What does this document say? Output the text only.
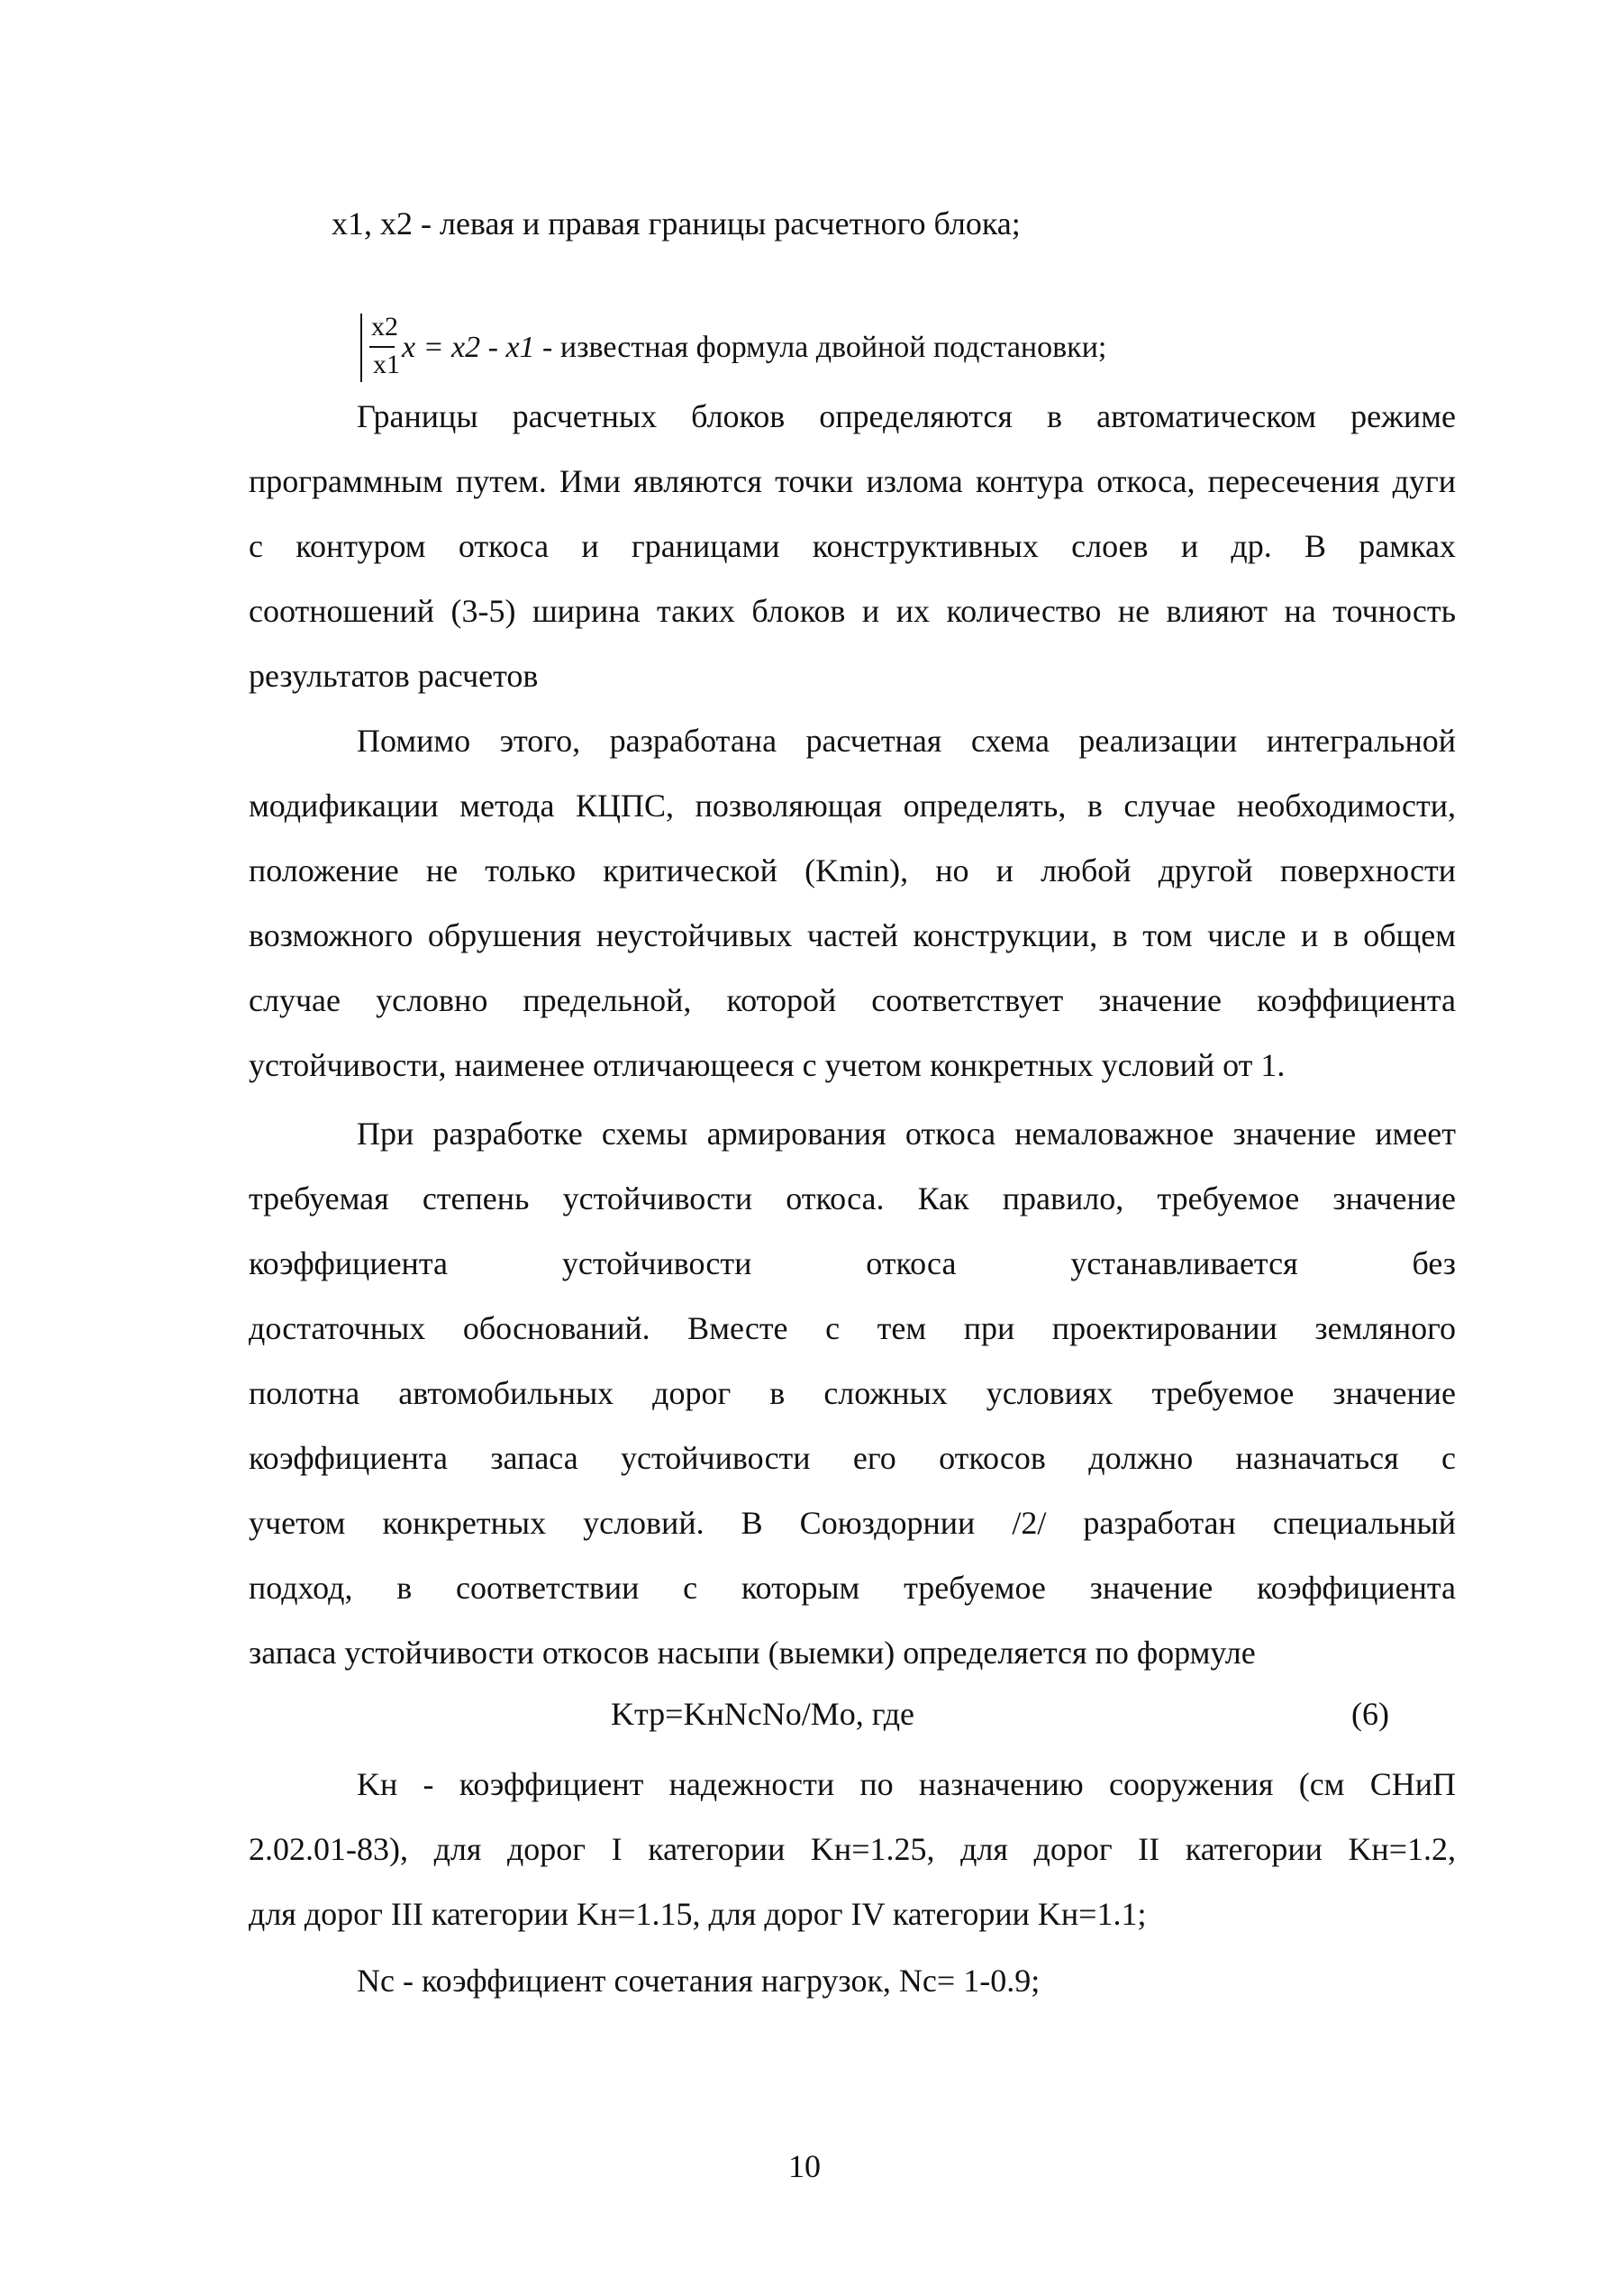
x1, x2 - левая и правая границы расчетного блока;
x2
x1
x = x2 - x1 - известная формула двойной подстановки;
Границы расчетных блоков определяются в автоматическом режиме
программным путем. Ими являются точки излома контура откоса, пересечения дуги
с контуром откоса и границами конструктивных слоев и др. В рамках
соотношений (3-5) ширина таких блоков и их количество не влияют на точность
результатов расчетов
Помимо этого, разработана расчетная схема реализации интегральной
модификации метода КЦПС, позволяющая определять, в случае необходимости,
положение не только критической (Kmin), но и любой другой поверхности
возможного обрушения неустойчивых частей конструкции, в том числе и в общем
случае условно предельной, которой соответствует значение коэффициента
устойчивости, наименее отличающееся с учетом конкретных условий от 1.
При разработке схемы армирования откоса немаловажное значение имеет
требуемая степень устойчивости откоса. Как правило, требуемое значение
коэффициента устойчивости откоса устанавливается без
достаточных обоснований. Вместе с тем при проектировании земляного
полотна автомобильных дорог в сложных условиях требуемое значение
коэффициента запаса устойчивости его откосов должно назначаться с
учетом конкретных условий. В Союздорнии /2/ разработан специальный
подход, в соответствии с которым требуемое значение коэффициента
запаса устойчивости откосов насыпи (выемки) определяется по формуле
Kтр=KнNcNо/Mо, где	(6)
Kн - коэффициент надежности по назначению сооружения (см СНиП
2.02.01-83), для дорог I категории Kн=1.25, для дорог II категории Kн=1.2,
для дорог III категории Kн=1.15, для дорог IV категории Kн=1.1;
Nc - коэффициент сочетания нагрузок, Nc= 1-0.9;
10
